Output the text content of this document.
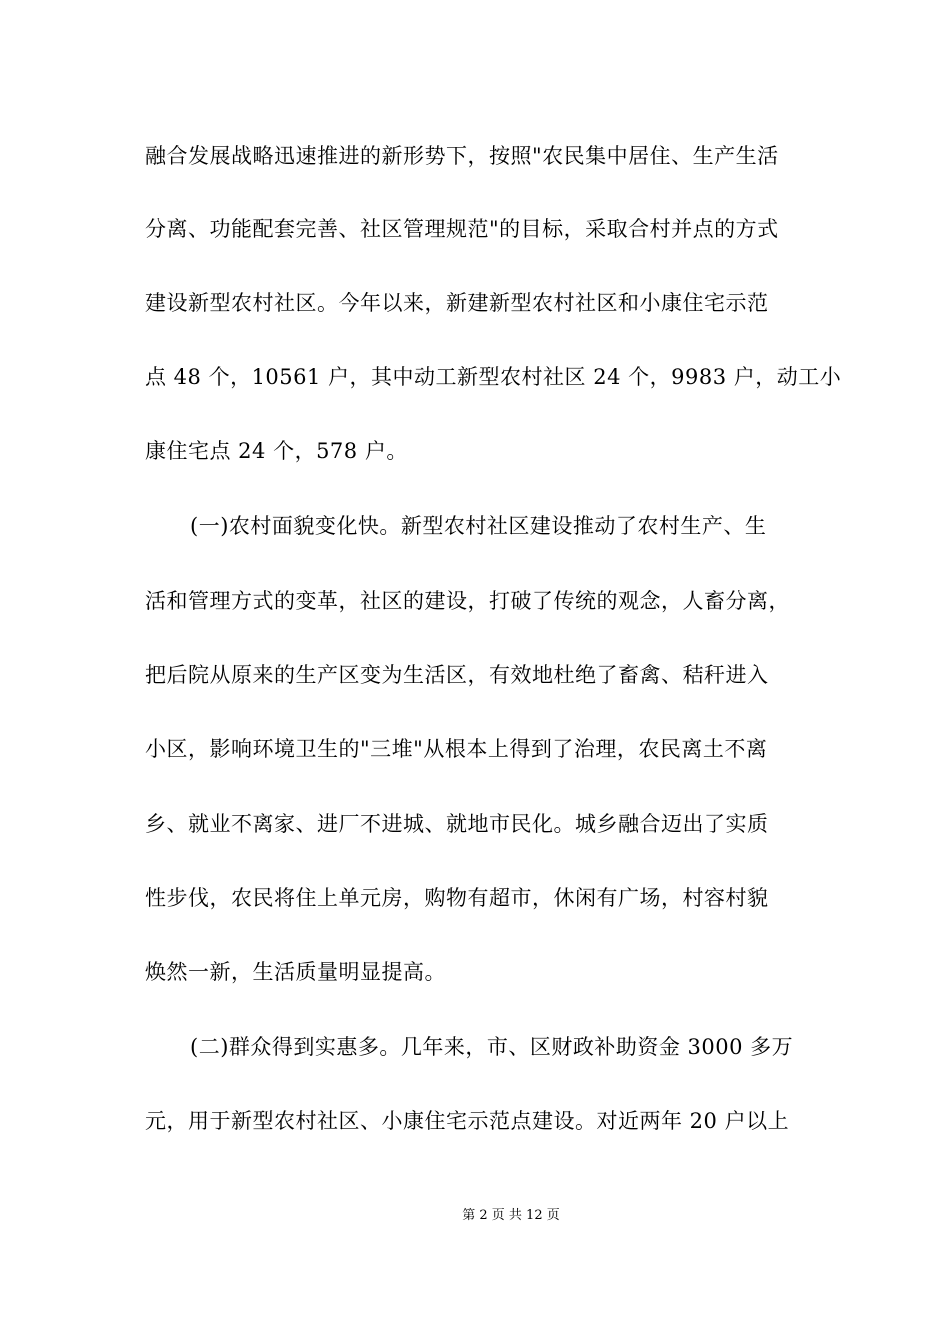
融合发展战略迅速推进的新形势下，按照"农民集中居住、生产生活
分离、功能配套完善、社区管理规范"的目标，采取合村并点的方式
建设新型农村社区。今年以来，新建新型农村社区和小康住宅示范
点 48 个，10561 户，其中动工新型农村社区 24 个，9983 户，动工小
康住宅点 24 个，578 户。
(一)农村面貌变化快。新型农村社区建设推动了农村生产、生
活和管理方式的变革，社区的建设，打破了传统的观念，人畜分离，
把后院从原来的生产区变为生活区，有效地杜绝了畜禽、秸秆进入
小区，影响环境卫生的"三堆"从根本上得到了治理，农民离土不离
乡、就业不离家、进厂不进城、就地市民化。城乡融合迈出了实质
性步伐，农民将住上单元房，购物有超市，休闲有广场，村容村貌
焕然一新，生活质量明显提高。
(二)群众得到实惠多。几年来，市、区财政补助资金 3000 多万
元，用于新型农村社区、小康住宅示范点建设。对近两年 20 户以上
第 2 页 共 12 页
